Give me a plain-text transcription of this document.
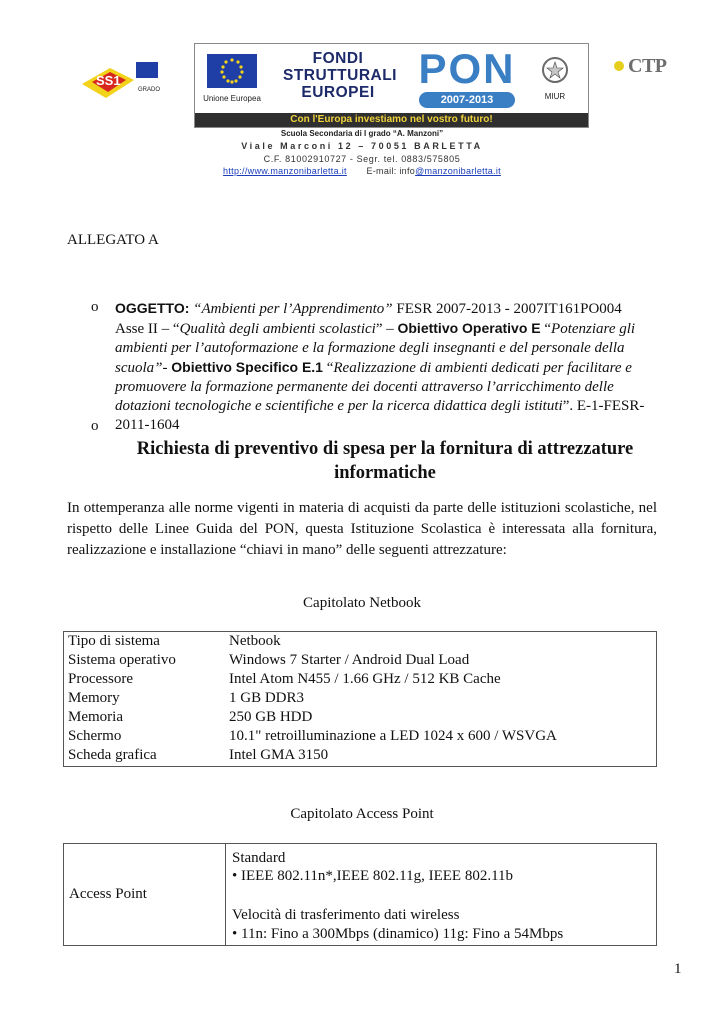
SS1
GRADO
Unione Europea
FONDI
STRUTTURALI
EUROPEI
PON
2007-2013	MIUR
Con l'Europa investiamo nel vostro futuro!
CTP
Scuola Secondaria di I grado “A. Manzoni”
Viale Marconi 12 – 70051 BARLETTA
C.F. 81002910727 - Segr. tel. 0883/575805
http://www.manzonibarletta.it E-mail: info@manzonibarletta.it
ALLEGATO A
o OGGETTO: “Ambienti per l’Apprendimento” FESR 2007-2013 - 2007IT161PO004
Asse II – “Qualità degli ambienti scolastici” – Obiettivo Operativo E “Potenziare gli ambienti per l’autoformazione e la formazione degli insegnanti e del personale della scuola”- Obiettivo Specifico E.1 “Realizzazione di ambienti dedicati per facilitare e promuovere la formazione permanente dei docenti attraverso l’arricchimento delle dotazioni tecnologiche e scientifiche e per la ricerca didattica degli istituti”. E-1-FESR-2011-1604
o
Richiesta di preventivo di spesa per la fornitura di attrezzature informatiche
In ottemperanza alle norme vigenti in materia di acquisti da parte delle istituzioni scolastiche, nel rispetto delle Linee Guida del PON, questa Istituzione Scolastica è interessata alla fornitura, realizzazione e installazione “chiavi in mano” delle seguenti attrezzature:
Capitolato Netbook
Tipo di sistema	Netbook
Sistema operativo	Windows 7 Starter / Android Dual Load
Processore	Intel Atom N455 / 1.66 GHz / 512 KB Cache
Memory	1 GB DDR3
Memoria	250 GB HDD
Schermo	10.1" retroilluminazione a LED 1024 x 600 / WSVGA
Scheda grafica	Intel GMA 3150
Capitolato Access Point
Access Point
Standard
• IEEE 802.11n*,IEEE 802.11g, IEEE 802.11b
Velocità di trasferimento dati wireless
• 11n: Fino a 300Mbps (dinamico) 11g: Fino a 54Mbps
1
